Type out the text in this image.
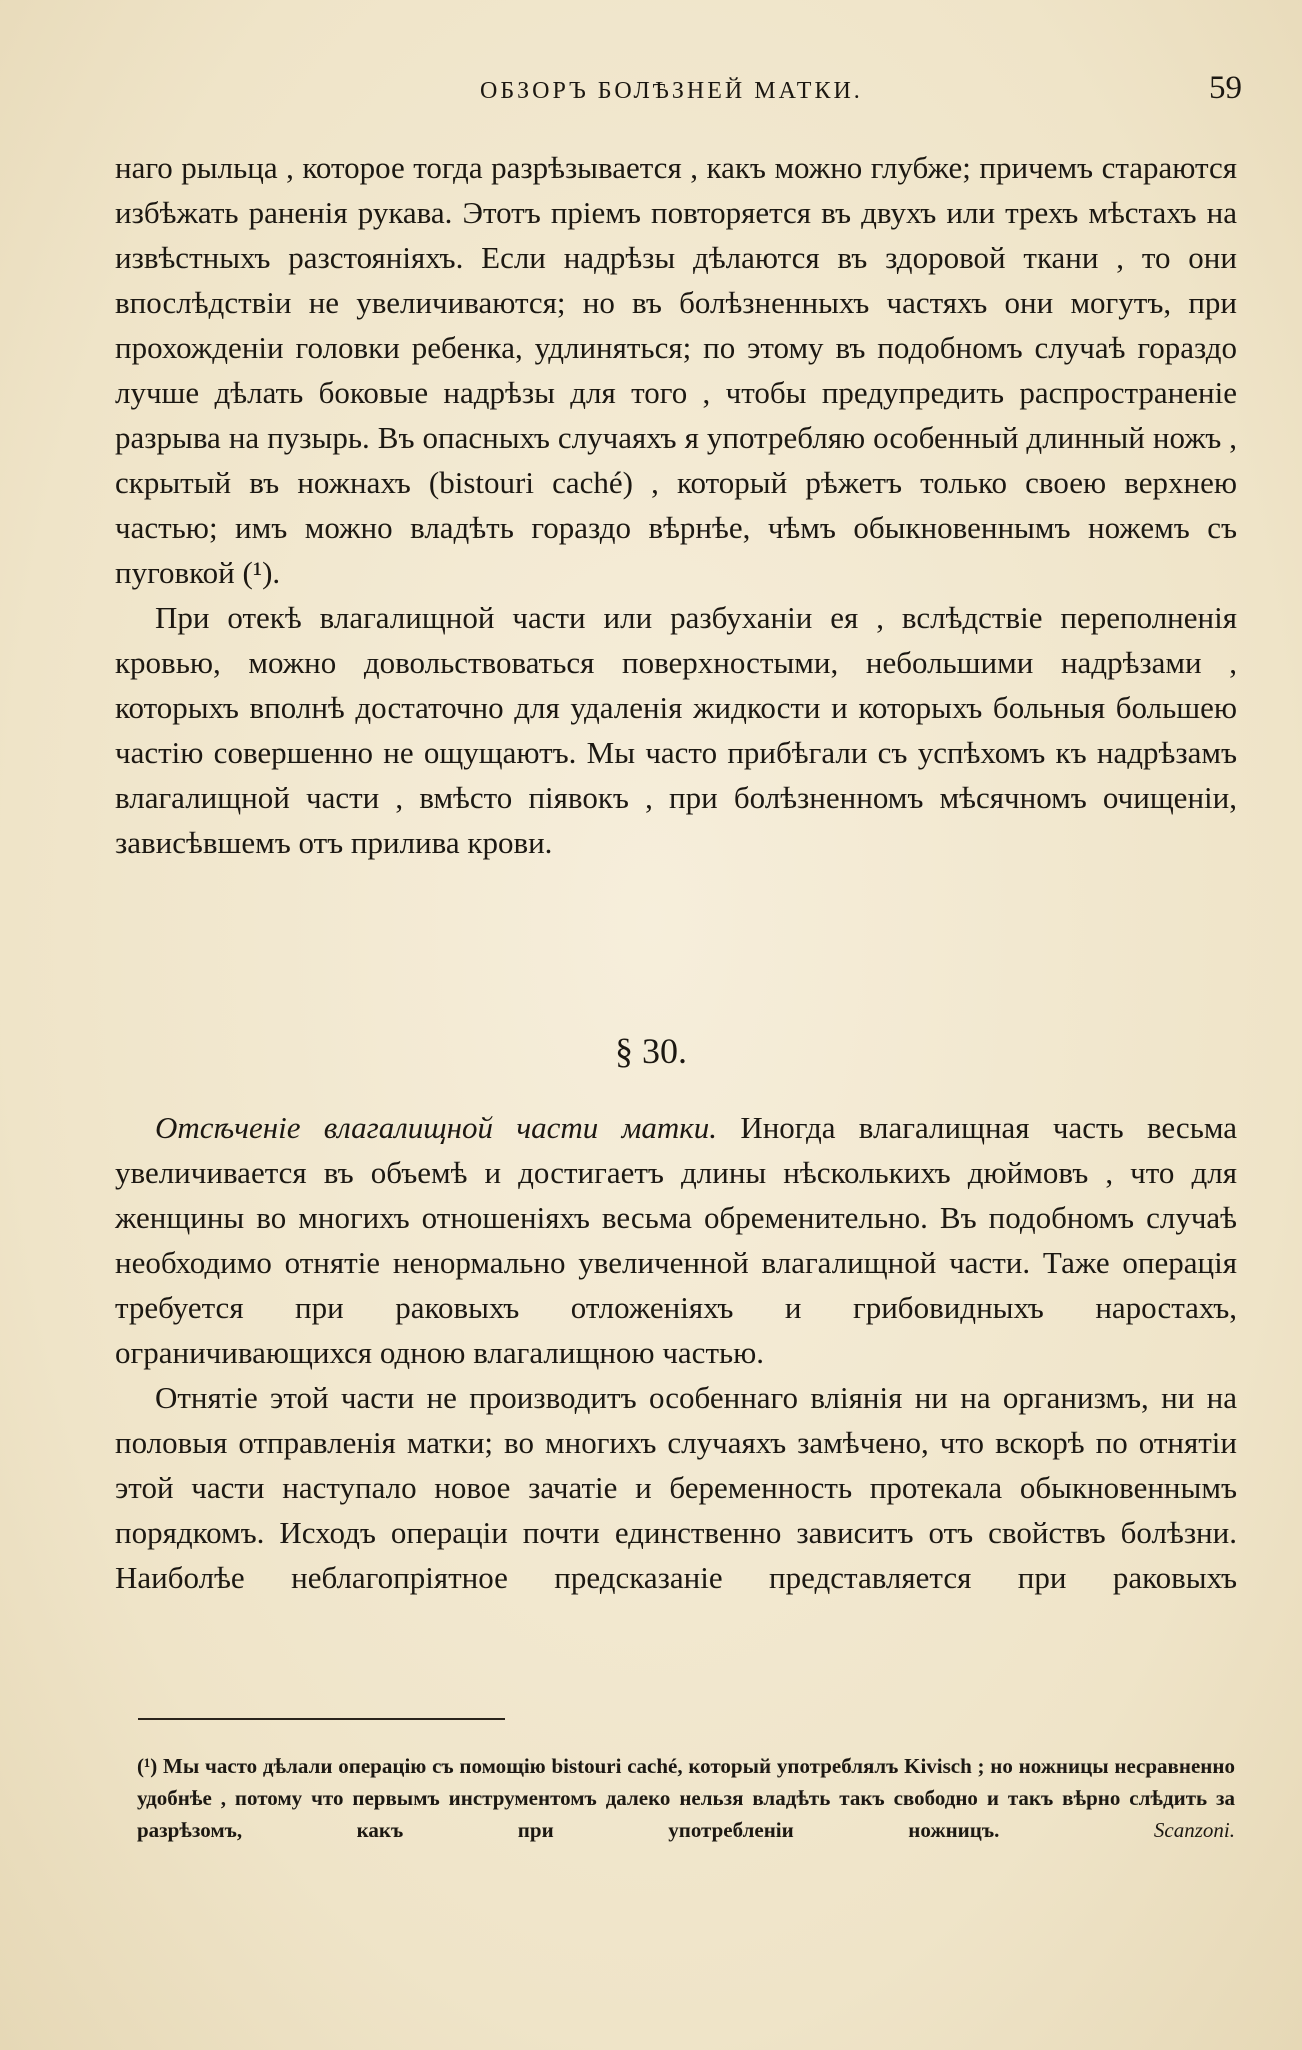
ОБЗОРЪ БОЛѢЗНЕЙ МАТКИ.	59

наго рыльца , которое тогда разрѣзывается , какъ можно глубже; причемъ стараются избѣжать раненія рукава. Этотъ пріемъ повторяется въ двухъ или трехъ мѣстахъ на извѣстныхъ разстояніяхъ. Если надрѣзы дѣлаются въ здоровой ткани , то они впослѣдствіи не увеличиваются; но въ болѣзненныхъ частяхъ они могутъ, при прохожденіи головки ребенка, удлиняться; по этому въ подобномъ случаѣ гораздо лучше дѣлать боковые надрѣзы для того , чтобы предупредить распространеніе разрыва на пузырь. Въ опасныхъ случаяхъ я употребляю особенный длинный ножъ , скрытый въ ножнахъ (bistouri caché) , который рѣжетъ только своею верхнею частью; имъ можно владѣть гораздо вѣрнѣе, чѣмъ обыкновеннымъ ножемъ съ пуговкой (¹).

При отекѣ влагалищной части или разбуханіи ея , вслѣдствіе переполненія кровью, можно довольствоваться поверхностыми, небольшими надрѣзами , которыхъ вполнѣ достаточно для удаленія жидкости и которыхъ больныя большею частію совершенно не ощущаютъ. Мы часто прибѣгали съ успѣхомъ къ надрѣзамъ влагалищной части , вмѣсто піявокъ , при болѣзненномъ мѣсячномъ очищеніи, зависѣвшемъ отъ прилива крови.

§ 30.

Отсѣченіе влагалищной части матки. Иногда влагалищная часть весьма увеличивается въ объемѣ и достигаетъ длины нѣсколькихъ дюймовъ , что для женщины во многихъ отношеніяхъ весьма обременительно. Въ подобномъ случаѣ необходимо отнятіе ненормально увеличенной влагалищной части. Таже операція требуется при раковыхъ отложеніяхъ и грибовидныхъ наростахъ, ограничивающихся одною влагалищною частью.

Отнятіе этой части не производитъ особеннаго вліянія ни на организмъ, ни на половыя отправленія матки; во многихъ случаяхъ замѣчено, что вскорѣ по отнятіи этой части наступало новое зачатіе и беременность протекала обыкновеннымъ порядкомъ. Исходъ операціи почти единственно зависитъ отъ свойствъ болѣзни. Наиболѣе неблагопріятное предсказаніе представляется при раковыхъ

(¹) Мы часто дѣлали операцію съ помощію bistouri caché, который употреблялъ Kivisch ; но ножницы несравненно удобнѣе , потому что первымъ инструментомъ далеко нельзя владѣть такъ свободно и такъ вѣрно слѣдить за разрѣзомъ, какъ при употребленіи ножницъ.	Scanzoni.
